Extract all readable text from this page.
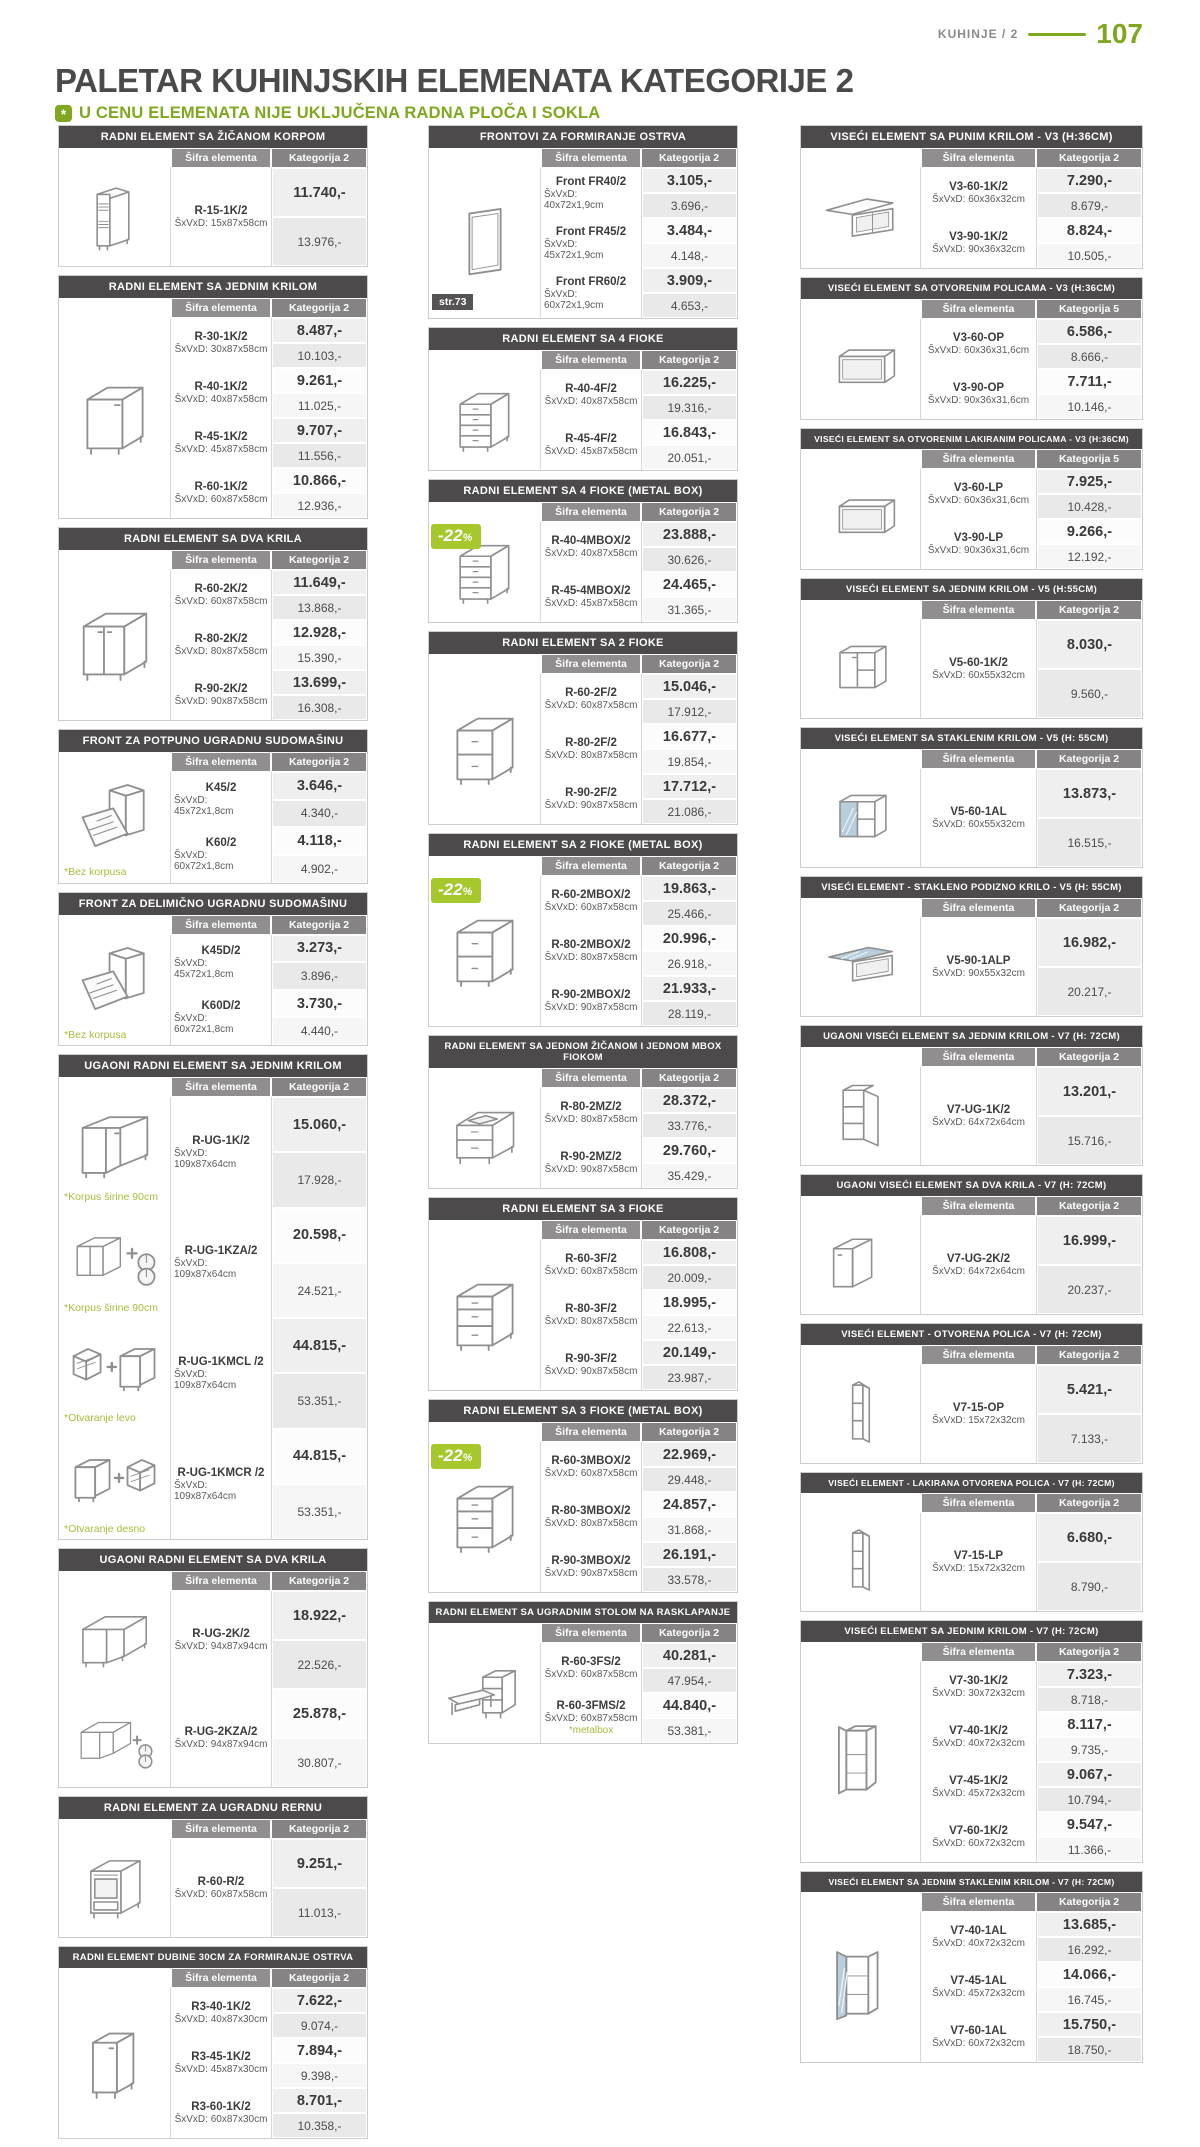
KUHINJE / 2	107
PALETAR KUHINJSKIH ELEMENATA KATEGORIJE 2
* U CENU ELEMENATA NIJE UKLJUČENA RADNA PLOČA I SOKLA
RADNI ELEMENT SA ŽIČANOM KORPOM
Šifra elementa	Kategorija 2
R-15-1K/2
ŠxVxD: 15x87x58cm
11.740,-
13.976,-
RADNI ELEMENT SA JEDNIM KRILOM
Šifra elementa	Kategorija 2
R-30-1K/2
ŠxVxD: 30x87x58cm
8.487,-
10.103,-
R-40-1K/2
ŠxVxD: 40x87x58cm
9.261,-
11.025,-
R-45-1K/2
ŠxVxD: 45x87x58cm
9.707,-
11.556,-
R-60-1K/2
ŠxVxD: 60x87x58cm
10.866,-
12.936,-
RADNI ELEMENT SA DVA KRILA
Šifra elementa	Kategorija 2
R-60-2K/2
ŠxVxD: 60x87x58cm
11.649,-
13.868,-
R-80-2K/2
ŠxVxD: 80x87x58cm
12.928,-
15.390,-
R-90-2K/2
ŠxVxD: 90x87x58cm
13.699,-
16.308,-
FRONT ZA POTPUNO UGRADNU SUDOMAŠINU
Šifra elementa	Kategorija 2
*Bez korpusa
K45/2
ŠxVxD: 45x72x1,8cm
3.646,-
4.340,-
K60/2
ŠxVxD: 60x72x1,8cm
4.118,-
4.902,-
FRONT ZA DELIMIČNO UGRADNU SUDOMAŠINU
Šifra elementa	Kategorija 2
*Bez korpusa
K45D/2
ŠxVxD: 45x72x1,8cm
3.273,-
3.896,-
K60D/2
ŠxVxD: 60x72x1,8cm
3.730,-
4.440,-
UGAONI RADNI ELEMENT SA JEDNIM KRILOM
Šifra elementa	Kategorija 2
*Korpus širine 90cm
R-UG-1K/2
ŠxVxD: 109x87x64cm
15.060,-
17.928,-
*Korpus širine 90cm
R-UG-1KZA/2
ŠxVxD: 109x87x64cm
20.598,-
24.521,-
*Otvaranje levo
R-UG-1KMCL /2
ŠxVxD: 109x87x64cm
44.815,-
53.351,-
*Otvaranje desno
R-UG-1KMCR /2
ŠxVxD: 109x87x64cm
44.815,-
53.351,-
UGAONI RADNI ELEMENT SA DVA KRILA
Šifra elementa	Kategorija 2
R-UG-2K/2
ŠxVxD: 94x87x94cm
18.922,-
22.526,-
R-UG-2KZA/2
ŠxVxD: 94x87x94cm
25.878,-
30.807,-
RADNI ELEMENT ZA UGRADNU RERNU
Šifra elementa	Kategorija 2
R-60-R/2
ŠxVxD: 60x87x58cm
9.251,-
11.013,-
RADNI ELEMENT DUBINE 30CM ZA FORMIRANJE OSTRVA
Šifra elementa	Kategorija 2
R3-40-1K/2
ŠxVxD: 40x87x30cm
7.622,-
9.074,-
R3-45-1K/2
ŠxVxD: 45x87x30cm
7.894,-
9.398,-
R3-60-1K/2
ŠxVxD: 60x87x30cm
8.701,-
10.358,-
FRONTOVI ZA FORMIRANJE OSTRVA
Šifra elementa	Kategorija 2
str.73
Front FR40/2
ŠxVxD: 40x72x1,9cm
3.105,-
3.696,-
Front FR45/2
ŠxVxD: 45x72x1,9cm
3.484,-
4.148,-
Front FR60/2
ŠxVxD: 60x72x1,9cm
3.909,-
4.653,-
RADNI ELEMENT SA 4 FIOKE
Šifra elementa	Kategorija 2
R-40-4F/2
ŠxVxD: 40x87x58cm
16.225,-
19.316,-
R-45-4F/2
ŠxVxD: 45x87x58cm
16.843,-
20.051,-
RADNI ELEMENT SA 4 FIOKE (METAL BOX)
Šifra elementa	Kategorija 2
-22%	R-40-4MBOX/2
ŠxVxD: 40x87x58cm
23.888,-
30.626,-
R-45-4MBOX/2
ŠxVxD: 45x87x58cm
24.465,-
31.365,-
RADNI ELEMENT SA 2 FIOKE
Šifra elementa	Kategorija 2
R-60-2F/2
ŠxVxD: 60x87x58cm
15.046,-
17.912,-
R-80-2F/2
ŠxVxD: 80x87x58cm
16.677,-
19.854,-
R-90-2F/2
ŠxVxD: 90x87x58cm
17.712,-
21.086,-
RADNI ELEMENT SA 2 FIOKE (METAL BOX)
Šifra elementa	Kategorija 2
-22%	R-60-2MBOX/2
ŠxVxD: 60x87x58cm
19.863,-
25.466,-
R-80-2MBOX/2
ŠxVxD: 80x87x58cm
20.996,-
26.918,-
R-90-2MBOX/2
ŠxVxD: 90x87x58cm
21.933,-
28.119,-
RADNI ELEMENT SA JEDNOM ŽIČANOM I JEDNOM MBOX FIOKOM
Šifra elementa	Kategorija 2
R-80-2MZ/2
ŠxVxD: 80x87x58cm
28.372,-
33.776,-
R-90-2MZ/2
ŠxVxD: 90x87x58cm
29.760,-
35.429,-
RADNI ELEMENT SA 3 FIOKE
Šifra elementa	Kategorija 2
R-60-3F/2
ŠxVxD: 60x87x58cm
16.808,-
20.009,-
R-80-3F/2
ŠxVxD: 80x87x58cm
18.995,-
22.613,-
R-90-3F/2
ŠxVxD: 90x87x58cm
20.149,-
23.987,-
RADNI ELEMENT SA 3 FIOKE (METAL BOX)
Šifra elementa	Kategorija 2
-22%	R-60-3MBOX/2
ŠxVxD: 60x87x58cm
22.969,-
29.448,-
R-80-3MBOX/2
ŠxVxD: 80x87x58cm
24.857,-
31.868,-
R-90-3MBOX/2
ŠxVxD: 90x87x58cm
26.191,-
33.578,-
RADNI ELEMENT SA UGRADNIM STOLOM NA RASKLAPANJE
Šifra elementa	Kategorija 2
R-60-3FS/2
ŠxVxD: 60x87x58cm
40.281,-
47.954,-
R-60-3FMS/2
ŠxVxD: 60x87x58cm
*metalbox
44.840,-
53.381,-
VISEĆI ELEMENT SA PUNIM KRILOM - V3 (H:36CM)
Šifra elementa	Kategorija 2
V3-60-1K/2
ŠxVxD: 60x36x32cm
7.290,-
8.679,-
V3-90-1K/2
ŠxVxD: 90x36x32cm
8.824,-
10.505,-
VISEĆI ELEMENT SA OTVORENIM POLICAMA - V3 (H:36CM)
Šifra elementa	Kategorija 5
V3-60-OP
ŠxVxD: 60x36x31,6cm
6.586,-
8.666,-
V3-90-OP
ŠxVxD: 90x36x31,6cm
7.711,-
10.146,-
VISEĆI ELEMENT SA OTVORENIM LAKIRANIM POLICAMA - V3 (H:36CM)
Šifra elementa	Kategorija 5
V3-60-LP
ŠxVxD: 60x36x31,6cm
7.925,-
10.428,-
V3-90-LP
ŠxVxD: 90x36x31,6cm
9.266,-
12.192,-
VISEĆI ELEMENT SA JEDNIM KRILOM - V5 (H:55CM)
Šifra elementa	Kategorija 2
V5-60-1K/2
ŠxVxD: 60x55x32cm
8.030,-
9.560,-
VISEĆI ELEMENT SA STAKLENIM KRILOM - V5 (H: 55CM)
Šifra elementa	Kategorija 2
V5-60-1AL
ŠxVxD: 60x55x32cm
13.873,-
16.515,-
VISEĆI ELEMENT - STAKLENO PODIZNO KRILO - V5 (H: 55CM)
Šifra elementa	Kategorija 2
V5-90-1ALP
ŠxVxD: 90x55x32cm
16.982,-
20.217,-
UGAONI VISEĆI ELEMENT SA JEDNIM KRILOM - V7 (H: 72CM)
Šifra elementa	Kategorija 2
V7-UG-1K/2
ŠxVxD: 64x72x64cm
13.201,-
15.716,-
UGAONI VISEĆI ELEMENT SA DVA KRILA - V7 (H: 72CM)
Šifra elementa	Kategorija 2
V7-UG-2K/2
ŠxVxD: 64x72x64cm
16.999,-
20.237,-
VISEĆI ELEMENT - OTVORENA POLICA - V7 (H: 72CM)
Šifra elementa	Kategorija 2
V7-15-OP
ŠxVxD: 15x72x32cm
5.421,-
7.133,-
VISEĆI ELEMENT - LAKIRANA OTVORENA POLICA - V7 (H: 72CM)
Šifra elementa	Kategorija 2
V7-15-LP
ŠxVxD: 15x72x32cm
6.680,-
8.790,-
VISEĆI ELEMENT SA JEDNIM KRILOM - V7 (H: 72CM)
Šifra elementa	Kategorija 2
V7-30-1K/2
ŠxVxD: 30x72x32cm
7.323,-
8.718,-
V7-40-1K/2
ŠxVxD: 40x72x32cm
8.117,-
9.735,-
V7-45-1K/2
ŠxVxD: 45x72x32cm
9.067,-
10.794,-
V7-60-1K/2
ŠxVxD: 60x72x32cm
9.547,-
11.366,-
VISEĆI ELEMENT SA JEDNIM STAKLENIM KRILOM - V7 (H: 72CM)
Šifra elementa	Kategorija 2
V7-40-1AL
ŠxVxD: 40x72x32cm
13.685,-
16.292,-
V7-45-1AL
ŠxVxD: 45x72x32cm
14.066,-
16.745,-
V7-60-1AL
ŠxVxD: 60x72x32cm
15.750,-
18.750,-
